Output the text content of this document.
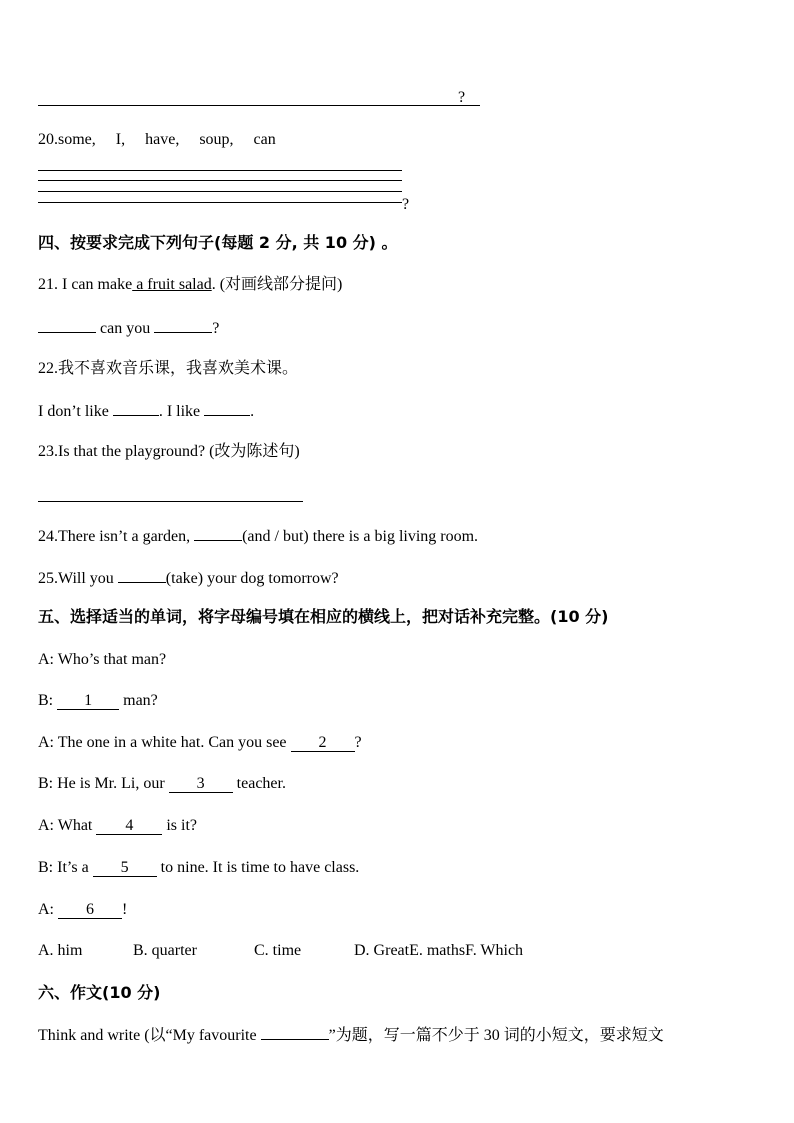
?
20.some, I, have, soup, can
?
四、按要求完成下列句子(每题 2 分, 共 10 分) 。
21. I can make a fruit salad. (对画线部分提问)
can you	?
22.我不喜欢音乐课，我喜欢美术课。
I don’t like	. I like	.
23.Is that the playground? (改为陈述句)
24.There isn’t a garden,	(and / but) there is a big living room.
25.Will you	(take) your dog tomorrow?
五、选择适当的单词，将字母编号填在相应的横线上，把对话补充完整。(10 分)
A: Who’s that man?
B: 1 man?
A: The one in a white hat. Can you see 2 ?
B: He is Mr. Li, our 3 teacher.
A: What 4 is it?
B: It’s a 5 to nine. It is time to have class.
A: 6 !
A. him	B. quarter	C. time	D. GreatE. mathsF. Which
六、作文(10 分)
Think and write (以“My favourite	”为题，写一篇不少于 30 词的小短文，要求短文
